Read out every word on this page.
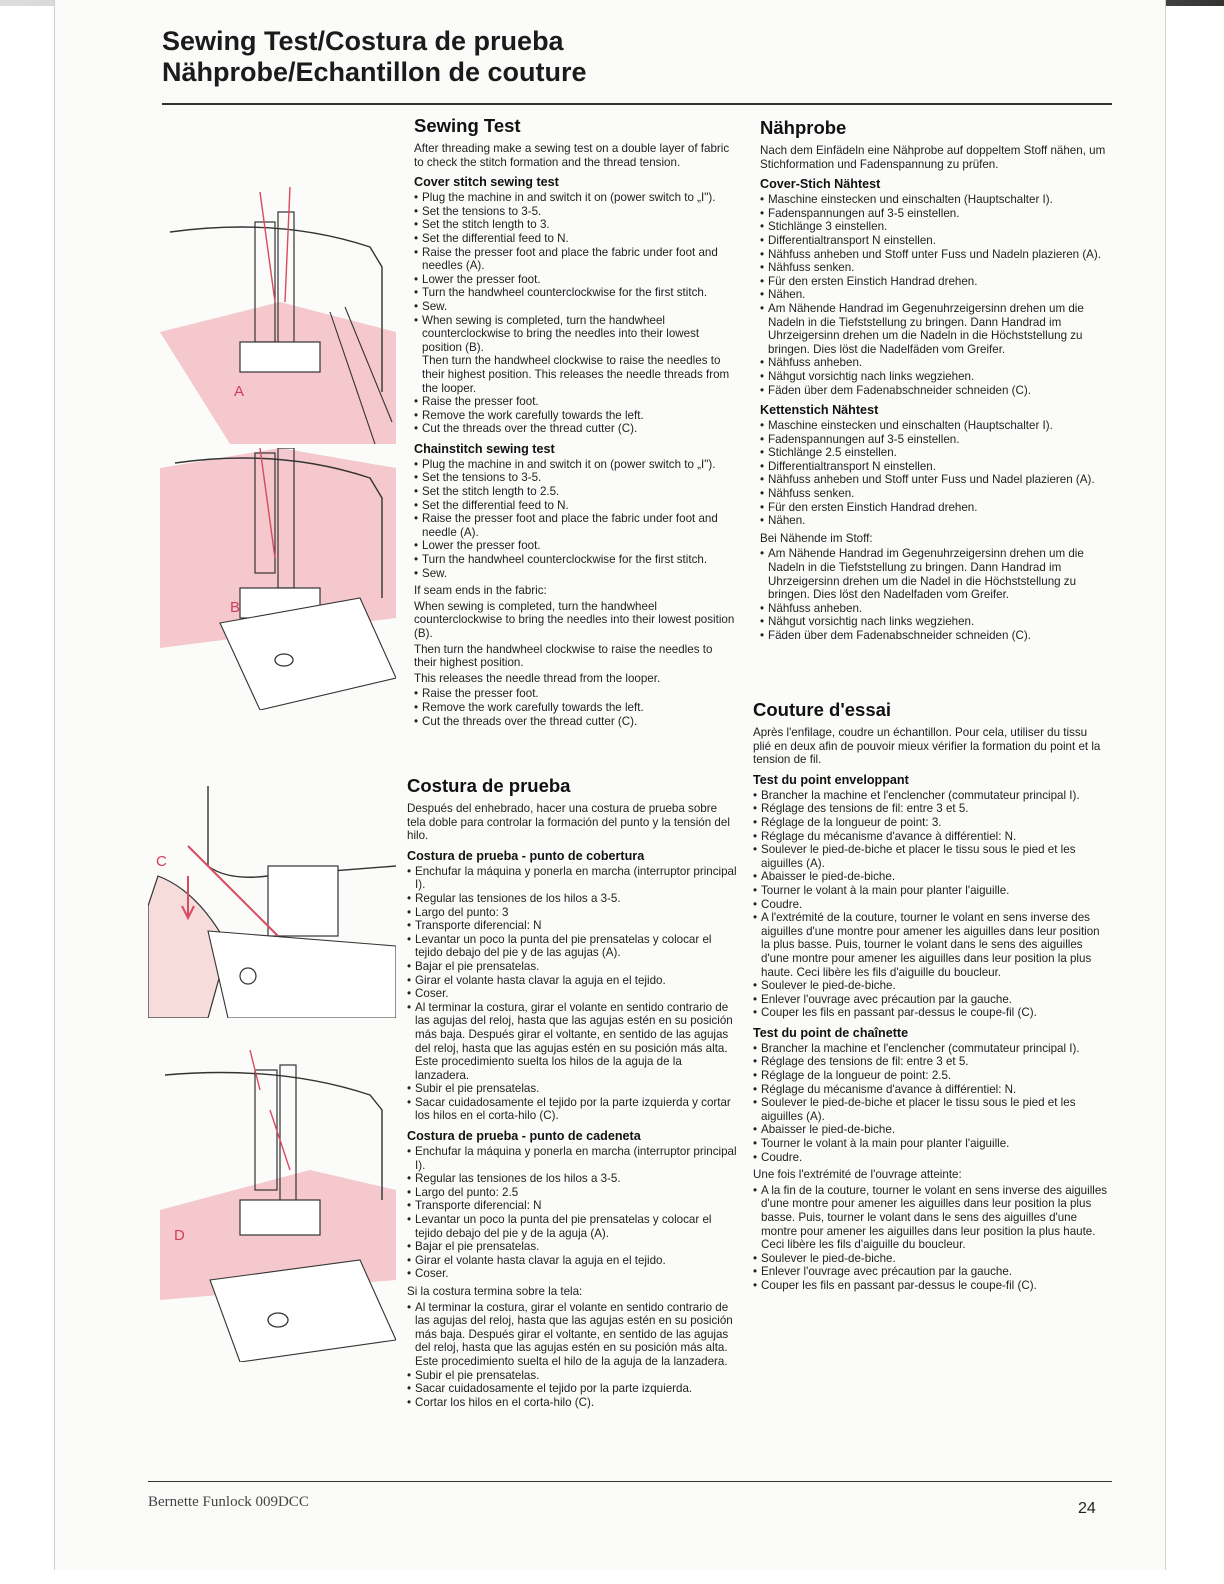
Sewing Test/Costura de prueba
Nähprobe/Echantillon de couture
A
B
C
D
Sewing Test

After threading make a sewing test on a double layer of fabric to check the stitch formation and the thread tension.

Cover stitch sewing test
• Plug the machine in and switch it on (power switch to „I").
• Set the tensions to 3-5.
• Set the stitch length to 3.
• Set the differential feed to N.
• Raise the presser foot and place the fabric under foot and needles (A).
• Lower the presser foot.
• Turn the handwheel counterclockwise for the first stitch.
• Sew.
• When sewing is completed, turn the handwheel counterclockwise to bring the needles into their lowest position (B).
Then turn the handwheel clockwise to raise the needles to their highest position. This releases the needle threads from the looper.
• Raise the presser foot.
• Remove the work carefully towards the left.
• Cut the threads over the thread cutter (C).
Chainstitch sewing test
• Plug the machine in and switch it on (power switch to „I").
• Set the tensions to 3-5.
• Set the stitch length to 2.5.
• Set the differential feed to N.
• Raise the presser foot and place the fabric under foot and needle (A).
• Lower the presser foot.
• Turn the handwheel counterclockwise for the first stitch.
• Sew.

If seam ends in the fabric:

When sewing is completed, turn the handwheel counterclockwise to bring the needles into their lowest position (B).

Then turn the handwheel clockwise to raise the needles to their highest position.

This releases the needle thread from the looper.

• Raise the presser foot.
• Remove the work carefully towards the left.
• Cut the threads over the thread cutter (C).
Costura de prueba

Después del enhebrado, hacer una costura de prueba sobre tela doble para controlar la formación del punto y la tensión del hilo.

Costura de prueba - punto de cobertura
• Enchufar la máquina y ponerla en marcha (interruptor principal I).
• Regular las tensiones de los hilos a 3-5.
• Largo del punto: 3
• Transporte diferencial: N
• Levantar un poco la punta del pie prensatelas y colocar el tejido debajo del pie y de las agujas (A).
• Bajar el pie prensatelas.
• Girar el volante hasta clavar la aguja en el tejido.
• Coser.
• Al terminar la costura, girar el volante en sentido contrario de las agujas del reloj, hasta que las agujas estén en su posición más baja. Después girar el voltante, en sentido de las agujas del reloj, hasta que las agujas estén en su posición más alta. Este procedimiento suelta los hilos de la aguja de la lanzadera.
• Subir el pie prensatelas.
• Sacar cuidadosamente el tejido por la parte izquierda y cortar los hilos en el corta-hilo (C).
Costura de prueba - punto de cadeneta
• Enchufar la máquina y ponerla en marcha (interruptor principal I).
• Regular las tensiones de los hilos a 3-5.
• Largo del punto: 2.5
• Transporte diferencial: N
• Levantar un poco la punta del pie prensatelas y colocar el tejido debajo del pie y de la aguja (A).
• Bajar el pie prensatelas.
• Girar el volante hasta clavar la aguja en el tejido.
• Coser.

Si la costura termina sobre la tela:

• Al terminar la costura, girar el volante en sentido contrario de las agujas del reloj, hasta que las agujas estén en su posición más baja. Después girar el voltante, en sentido de las agujas del reloj, hasta que las agujas estén en su posición más alta. Este procedimiento suelta el hilo de la aguja de la lanzadera.
• Subir el pie prensatelas.
• Sacar cuidadosamente el tejido por la parte izquierda.
• Cortar los hilos en el corta-hilo (C).
Nähprobe

Nach dem Einfädeln eine Nähprobe auf doppeltem Stoff nähen, um Stichformation und Fadenspannung zu prüfen.

Cover-Stich Nähtest
• Maschine einstecken und einschalten (Hauptschalter I).
• Fadenspannungen auf 3-5 einstellen.
• Stichlänge 3 einstellen.
• Differentialtransport N einstellen.
• Nähfuss anheben und Stoff unter Fuss und Nadeln plazieren (A).
• Nähfuss senken.
• Für den ersten Einstich Handrad drehen.
• Nähen.
• Am Nähende Handrad im Gegenuhrzeigersinn drehen um die Nadeln in die Tiefststellung zu bringen. Dann Handrad im Uhrzeigersinn drehen um die Nadeln in die Höchststellung zu bringen. Dies löst die Nadelfäden vom Greifer.
• Nähfuss anheben.
• Nähgut vorsichtig nach links wegziehen.
• Fäden über dem Fadenabschneider schneiden (C).
Kettenstich Nähtest
• Maschine einstecken und einschalten (Hauptschalter I).
• Fadenspannungen auf 3-5 einstellen.
• Stichlänge 2.5 einstellen.
• Differentialtransport N einstellen.
• Nähfuss anheben und Stoff unter Fuss und Nadel plazieren (A).
• Nähfuss senken.
• Für den ersten Einstich Handrad drehen.
• Nähen.

Bei Nähende im Stoff:

• Am Nähende Handrad im Gegenuhrzeigersinn drehen um die Nadeln in die Tiefststellung zu bringen. Dann Handrad im Uhrzeigersinn drehen um die Nadel in die Höchststellung zu bringen. Dies löst den Nadelfaden vom Greifer.
• Nähfuss anheben.
• Nähgut vorsichtig nach links wegziehen.
• Fäden über dem Fadenabschneider schneiden (C).
Couture d'essai

Après l'enfilage, coudre un échantillon. Pour cela, utiliser du tissu plié en deux afin de pouvoir mieux vérifier la formation du point et la tension de fil.

Test du point enveloppant
• Brancher la machine et l'enclencher (commutateur principal I).
• Réglage des tensions de fil: entre 3 et 5.
• Réglage de la longueur de point: 3.
• Réglage du mécanisme d'avance à différentiel: N.
• Soulever le pied-de-biche et placer le tissu sous le pied et les aiguilles (A).
• Abaisser le pied-de-biche.
• Tourner le volant à la main pour planter l'aiguille.
• Coudre.
• A l'extrémité de la couture, tourner le volant en sens inverse des aiguilles d'une montre pour amener les aiguilles dans leur position la plus basse. Puis, tourner le volant dans le sens des aiguilles d'une montre pour amener les aiguilles dans leur position la plus haute. Ceci libère les fils d'aiguille du boucleur.
• Soulever le pied-de-biche.
• Enlever l'ouvrage avec précaution par la gauche.
• Couper les fils en passant par-dessus le coupe-fil (C).
Test du point de chaînette
• Brancher la machine et l'enclencher (commutateur principal I).
• Réglage des tensions de fil: entre 3 et 5.
• Réglage de la longueur de point: 2.5.
• Réglage du mécanisme d'avance à différentiel: N.
• Soulever le pied-de-biche et placer le tissu sous le pied et les aiguilles (A).
• Abaisser le pied-de-biche.
• Tourner le volant à la main pour planter l'aiguille.
• Coudre.

Une fois l'extrémité de l'ouvrage atteinte:

• A la fin de la couture, tourner le volant en sens inverse des aiguilles d'une montre pour amener les aiguilles dans leur position la plus basse. Puis, tourner le volant dans le sens des aiguilles d'une montre pour amener les aiguilles dans leur position la plus haute. Ceci libère les fils d'aiguille du boucleur.
• Soulever le pied-de-biche.
• Enlever l'ouvrage avec précaution par la gauche.
• Couper les fils en passant par-dessus le coupe-fil (C).
Bernette Funlock 009DCC	24
